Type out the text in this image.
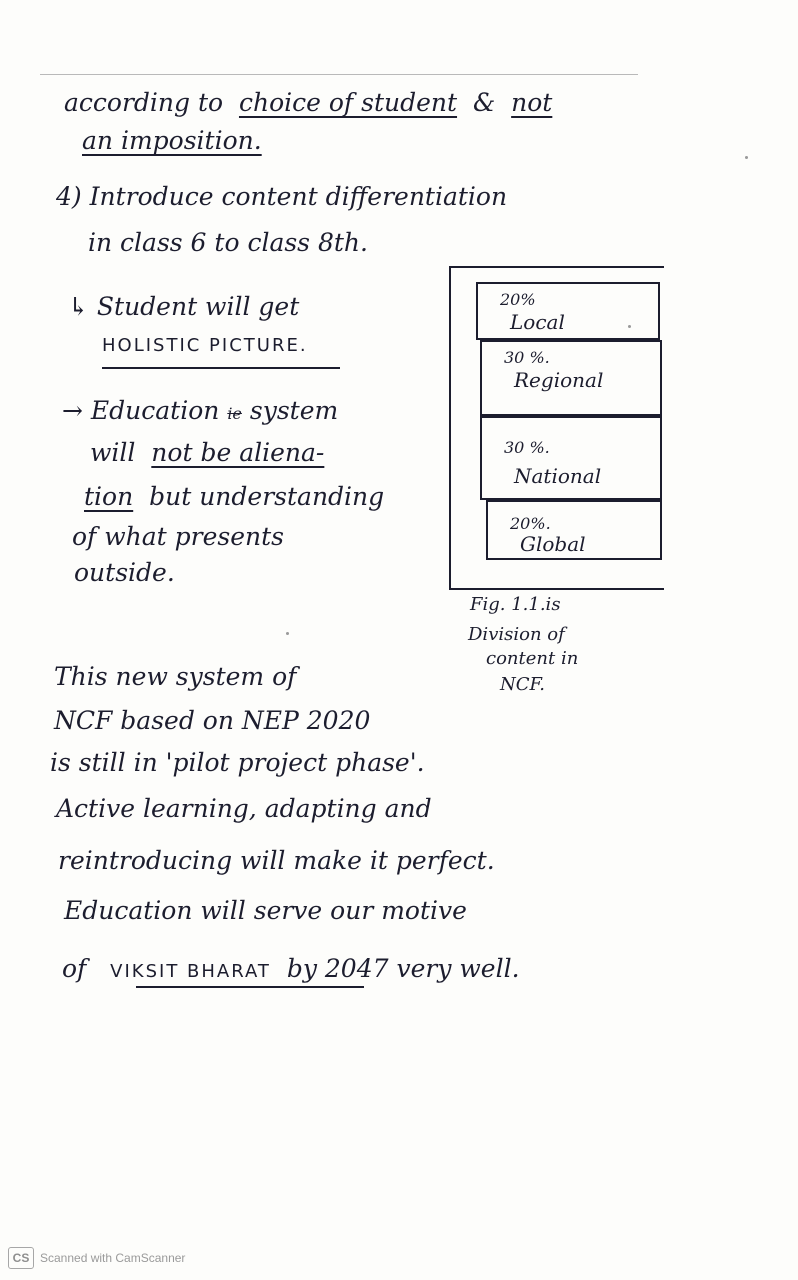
according to choice of student & not
an imposition.
4) Introduce content differentiation
in class 6 to class 8th.
↳ Student will get
HOLISTIC PICTURE.
→ Education ie system
will not be aliena-
tion but understanding
of what presents
outside.
20%
Local
30 %.
Regional
30 %.
National
20%.
Global
Fig. 1.1.is
Division of
content in
NCF.
This new system of
NCF based on NEP 2020
is still in 'pilot project phase'.
Active learning, adapting and
reintroducing will make it perfect.
Education will serve our motive
of VIKSIT BHARAT by 2047 very well.
CS Scanned with CamScanner
